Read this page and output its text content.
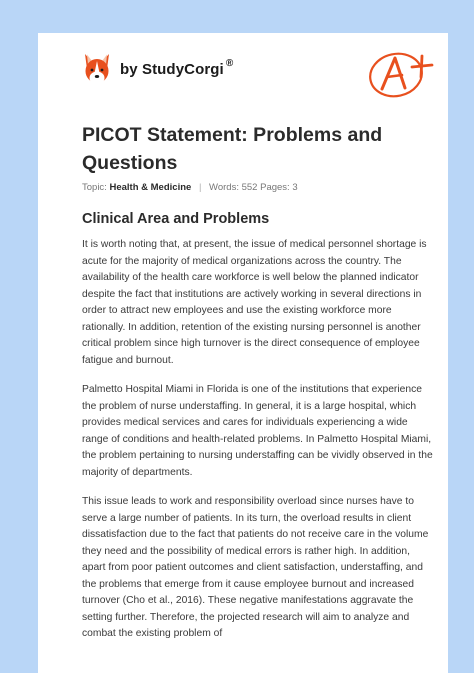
by StudyCorgi ®
PICOT Statement: Problems and Questions
Topic: Health & Medicine | Words: 552 Pages: 3
Clinical Area and Problems

It is worth noting that, at present, the issue of medical personnel shortage is acute for the majority of medical organizations across the country. The availability of the health care workforce is well below the planned indicator despite the fact that institutions are actively working in several directions in order to attract new employees and use the existing workforce more rationally. In addition, retention of the existing nursing personnel is another critical problem since high turnover is the direct consequence of employee fatigue and burnout.

Palmetto Hospital Miami in Florida is one of the institutions that experience the problem of nurse understaffing. In general, it is a large hospital, which provides medical services and cares for individuals experiencing a wide range of conditions and health-related problems. In Palmetto Hospital Miami, the problem pertaining to nursing understaffing can be vividly observed in the majority of departments.

This issue leads to work and responsibility overload since nurses have to serve a large number of patients. In its turn, the overload results in client dissatisfaction due to the fact that patients do not receive care in the volume they need and the possibility of medical errors is rather high. In addition, apart from poor patient outcomes and client satisfaction, understaffing, and the problems that emerge from it cause employee burnout and increased turnover (Cho et al., 2016). These negative manifestations aggravate the setting further. Therefore, the projected research will aim to analyze and combat the existing problem of
